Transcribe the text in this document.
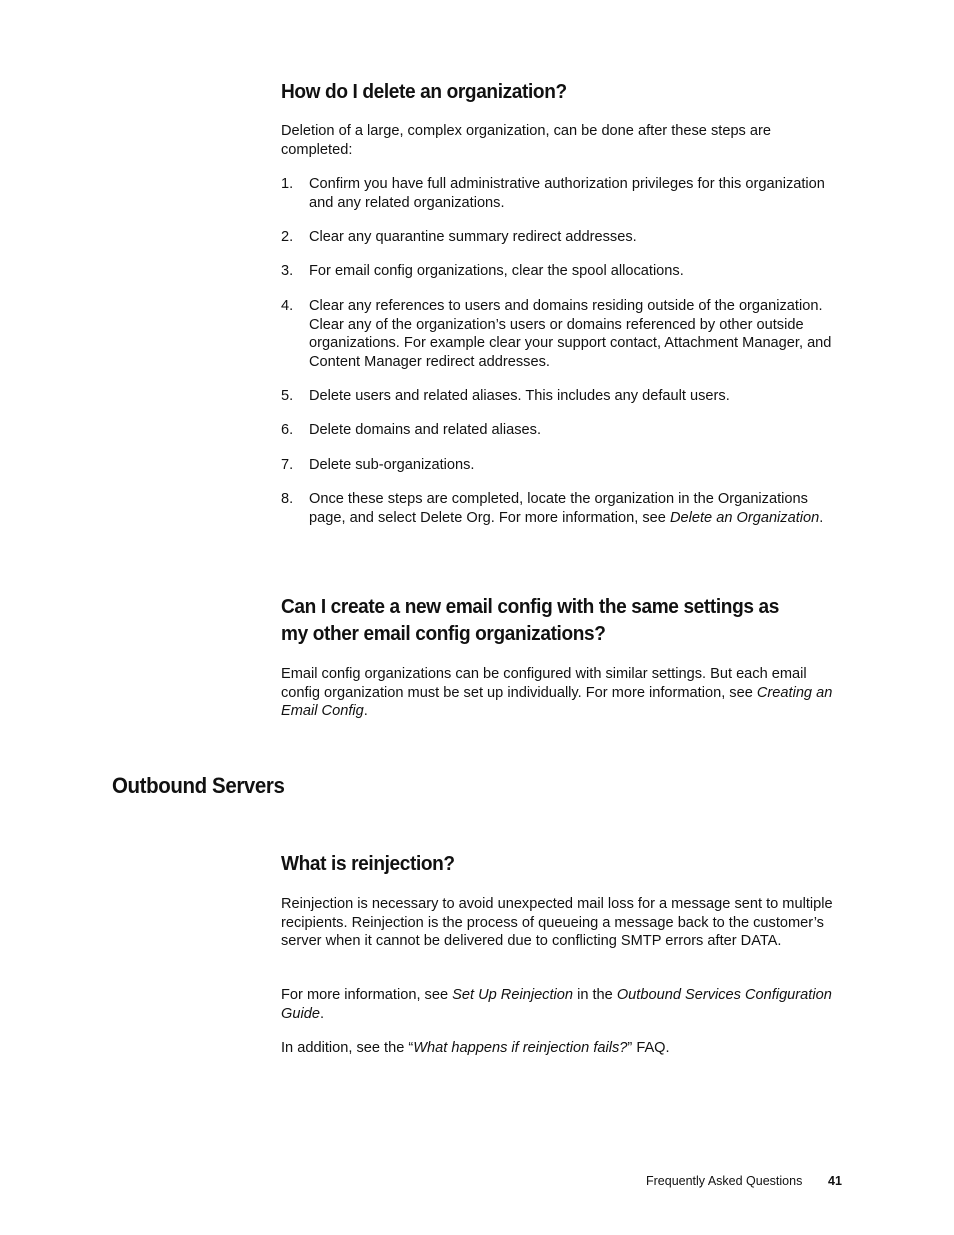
How do I delete an organization?

Deletion of a large, complex organization, can be done after these steps are completed:

1.	Confirm you have full administrative authorization privileges for this organization and any related organizations.
2.	Clear any quarantine summary redirect addresses.
3.	For email config organizations, clear the spool allocations.
4.	Clear any references to users and domains residing outside of the organization. Clear any of the organization’s users or domains referenced by other outside organizations. For example clear your support contact, Attachment Manager, and Content Manager redirect addresses.
5.	Delete users and related aliases. This includes any default users.
6.	Delete domains and related aliases.
7.	Delete sub-organizations.
8.	Once these steps are completed, locate the organization in the Organizations page, and select Delete Org. For more information, see Delete an Organization.
Can I create a new email config with the same settings as
my other email config organizations?

Email config organizations can be configured with similar settings. But each email config organization must be set up individually. For more information, see Creating an Email Config.

Outbound Servers
What is reinjection?

Reinjection is necessary to avoid unexpected mail loss for a message sent to multiple recipients. Reinjection is the process of queueing a message back to the customer’s server when it cannot be delivered due to conflicting SMTP errors after DATA.

For more information, see Set Up Reinjection in the Outbound Services Configuration Guide.

In addition, see the “What happens if reinjection fails?” FAQ.

Frequently Asked Questions 41
